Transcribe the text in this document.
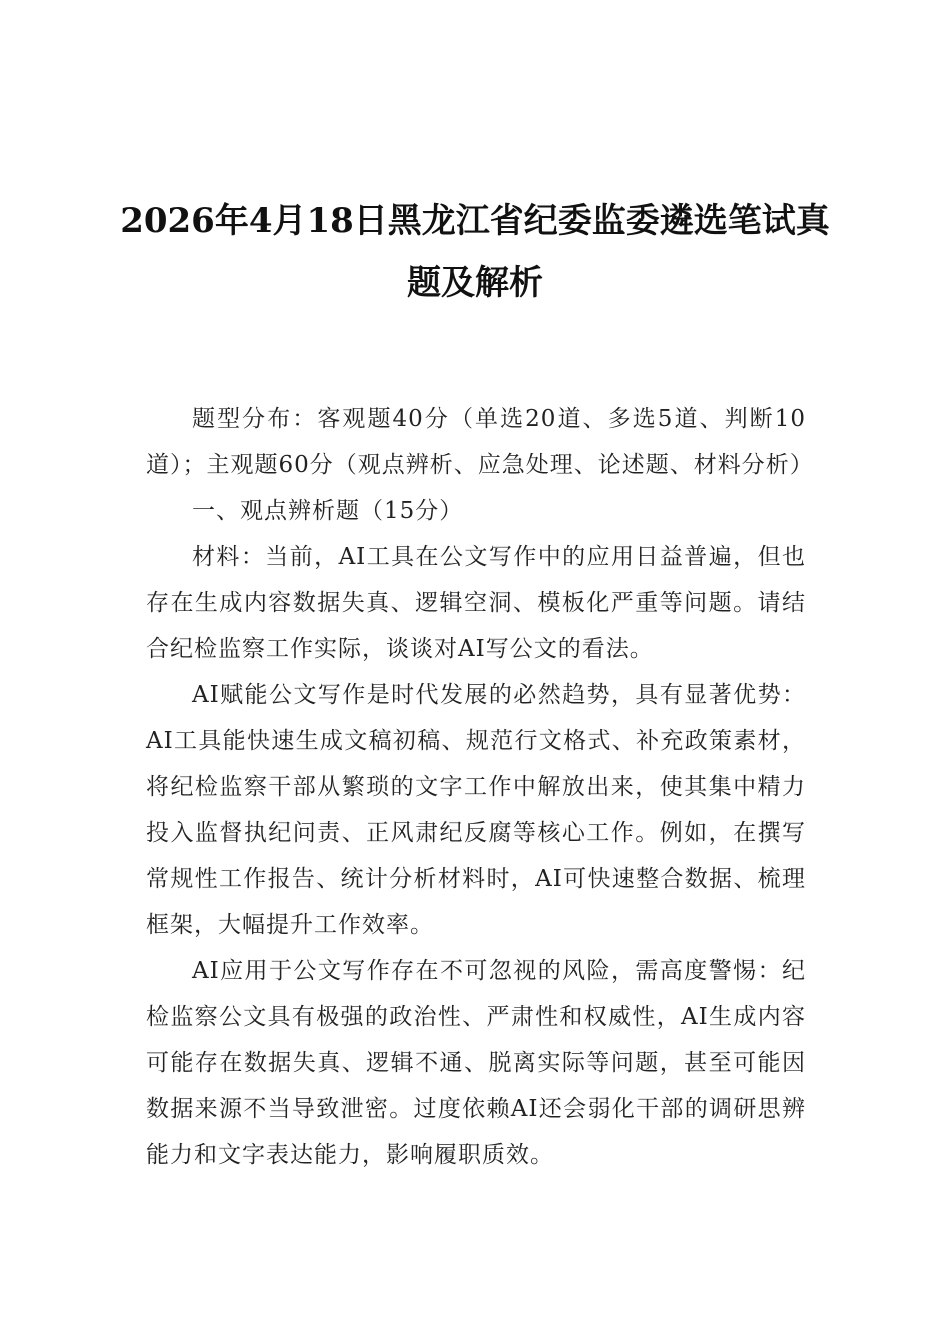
2026年4月18日黑龙江省纪委监委遴选笔试真题及解析

题型分布：客观题40分（单选20道、多选5道、判断10道）；主观题60分（观点辨析、应急处理、论述题、材料分析）

一、观点辨析题（15分）

材料：当前，AI工具在公文写作中的应用日益普遍，但也存在生成内容数据失真、逻辑空洞、模板化严重等问题。请结合纪检监察工作实际，谈谈对AI写公文的看法。

AI赋能公文写作是时代发展的必然趋势，具有显著优势：AI工具能快速生成文稿初稿、规范行文格式、补充政策素材，将纪检监察干部从繁琐的文字工作中解放出来，使其集中精力投入监督执纪问责、正风肃纪反腐等核心工作。例如，在撰写常规性工作报告、统计分析材料时，AI可快速整合数据、梳理框架，大幅提升工作效率。

AI应用于公文写作存在不可忽视的风险，需高度警惕：纪检监察公文具有极强的政治性、严肃性和权威性，AI生成内容可能存在数据失真、逻辑不通、脱离实际等问题，甚至可能因数据来源不当导致泄密。过度依赖AI还会弱化干部的调研思辨能力和文字表达能力，影响履职质效。
